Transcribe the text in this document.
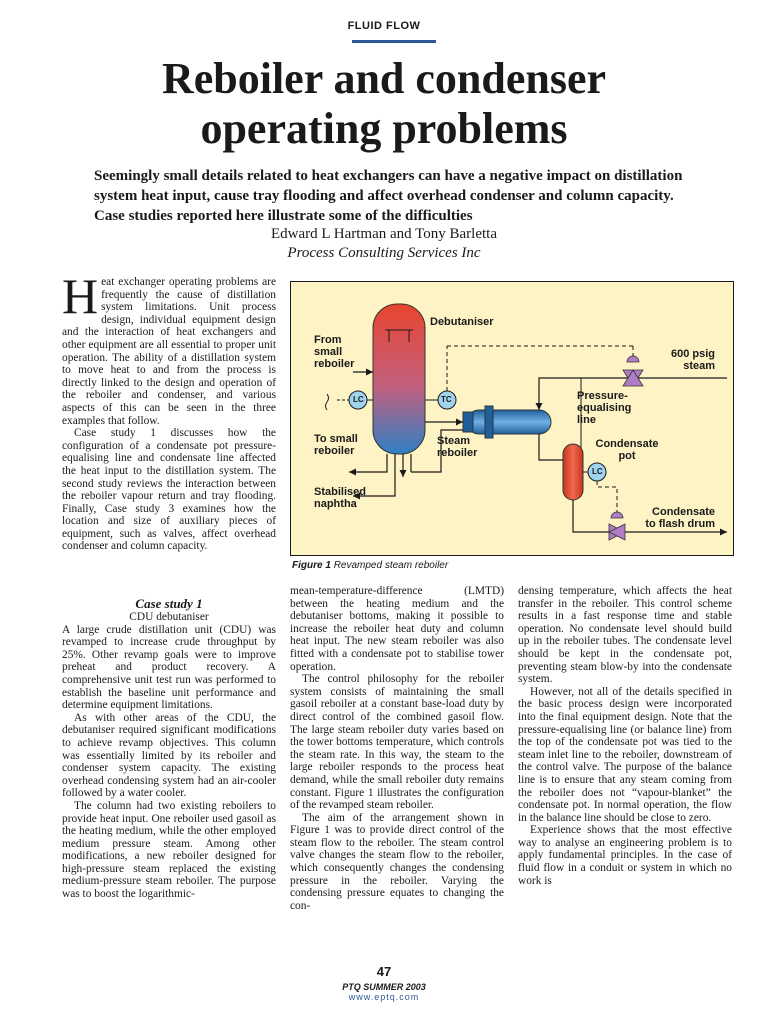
FLUID FLOW
Reboiler and condenser
operating problems
Seemingly small details related to heat exchangers can have a negative impact on distillation system heat input, cause tray flooding and affect overhead condenser and column capacity. Case studies reported here illustrate some of the difficulties
Edward L Hartman and Tony Barletta
Process Consulting Services Inc

Heat exchanger operating problems are frequently the cause of distillation system limitations. Unit process design, individual equipment design and the interaction of heat exchangers and other equipment are all essential to proper unit operation. The ability of a distillation system to move heat to and from the process is directly linked to the design and operation of the reboiler and condenser, and various aspects of this can be seen in the three examples that follow.

Case study 1 discusses how the configuration of a condensate pot pressure-equalising line and condensate line affected the heat input to the distillation system. The second study reviews the interaction between the reboiler vapour return and tray flooding. Finally, Case study 3 examines how the location and size of auxiliary pieces of equipment, such as valves, affect overhead condenser and column capacity.

Case study 1
CDU debutaniser

A large crude distillation unit (CDU) was revamped to increase crude throughput by 25%. Other revamp goals were to improve preheat and product recovery. A comprehensive unit test run was performed to establish the baseline unit performance and determine equipment limitations.

As with other areas of the CDU, the debutaniser required significant modifications to achieve revamp objectives. This column was essentially limited by its reboiler and condenser system capacity. The existing overhead condensing system had an air-cooler followed by a water cooler.

The column had two existing reboilers to provide heat input. One reboiler used gasoil as the heating medium, while the other employed medium pressure steam. Among other modifications, a new reboiler designed for high-pressure steam replaced the existing medium-pressure steam reboiler. The purpose was to boost the logarithmic-

Debutaniser
From
small
reboiler
To small
reboiler
Stabilised
naphtha
Steam
reboiler
600 psig
steam
Pressure-
equalising
line
Condensate
pot
Condensate
to flash drum
LC	TC
LC
Figure 1 Revamped steam reboiler

mean-temperature-difference (LMTD) between the heating medium and the debutaniser bottoms, making it possible to increase the reboiler heat duty and column heat input. The new steam reboiler was also fitted with a condensate pot to stabilise tower operation.

The control philosophy for the reboiler system consists of maintaining the small gasoil reboiler at a constant base-load duty by direct control of the combined gasoil flow. The large steam reboiler duty varies based on the tower bottoms temperature, which controls the steam rate. In this way, the steam to the large reboiler responds to the process heat demand, while the small reboiler duty remains constant. Figure 1 illustrates the configuration of the revamped steam reboiler.

The aim of the arrangement shown in Figure 1 was to provide direct control of the steam flow to the reboiler. The steam control valve changes the steam flow to the reboiler, which consequently changes the condensing pressure in the reboiler. Varying the condensing pressure equates to changing the con-

densing temperature, which affects the heat transfer in the reboiler. This control scheme results in a fast response time and stable operation. No condensate level should build up in the reboiler tubes. The condensate level should be kept in the condensate pot, preventing steam blow-by into the condensate system.

However, not all of the details specified in the basic process design were incorporated into the final equipment design. Note that the pressure-equalising line (or balance line) from the top of the condensate pot was tied to the steam inlet line to the reboiler, downstream of the control valve. The purpose of the balance line is to ensure that any steam coming from the reboiler does not “vapour-blanket” the condensate pot. In normal operation, the flow in the balance line should be close to zero.

Experience shows that the most effective way to analyse an engineering problem is to apply fundamental principles. In the case of fluid flow in a conduit or system in which no work is

47
PTQ SUMMER 2003
www.eptq.com
